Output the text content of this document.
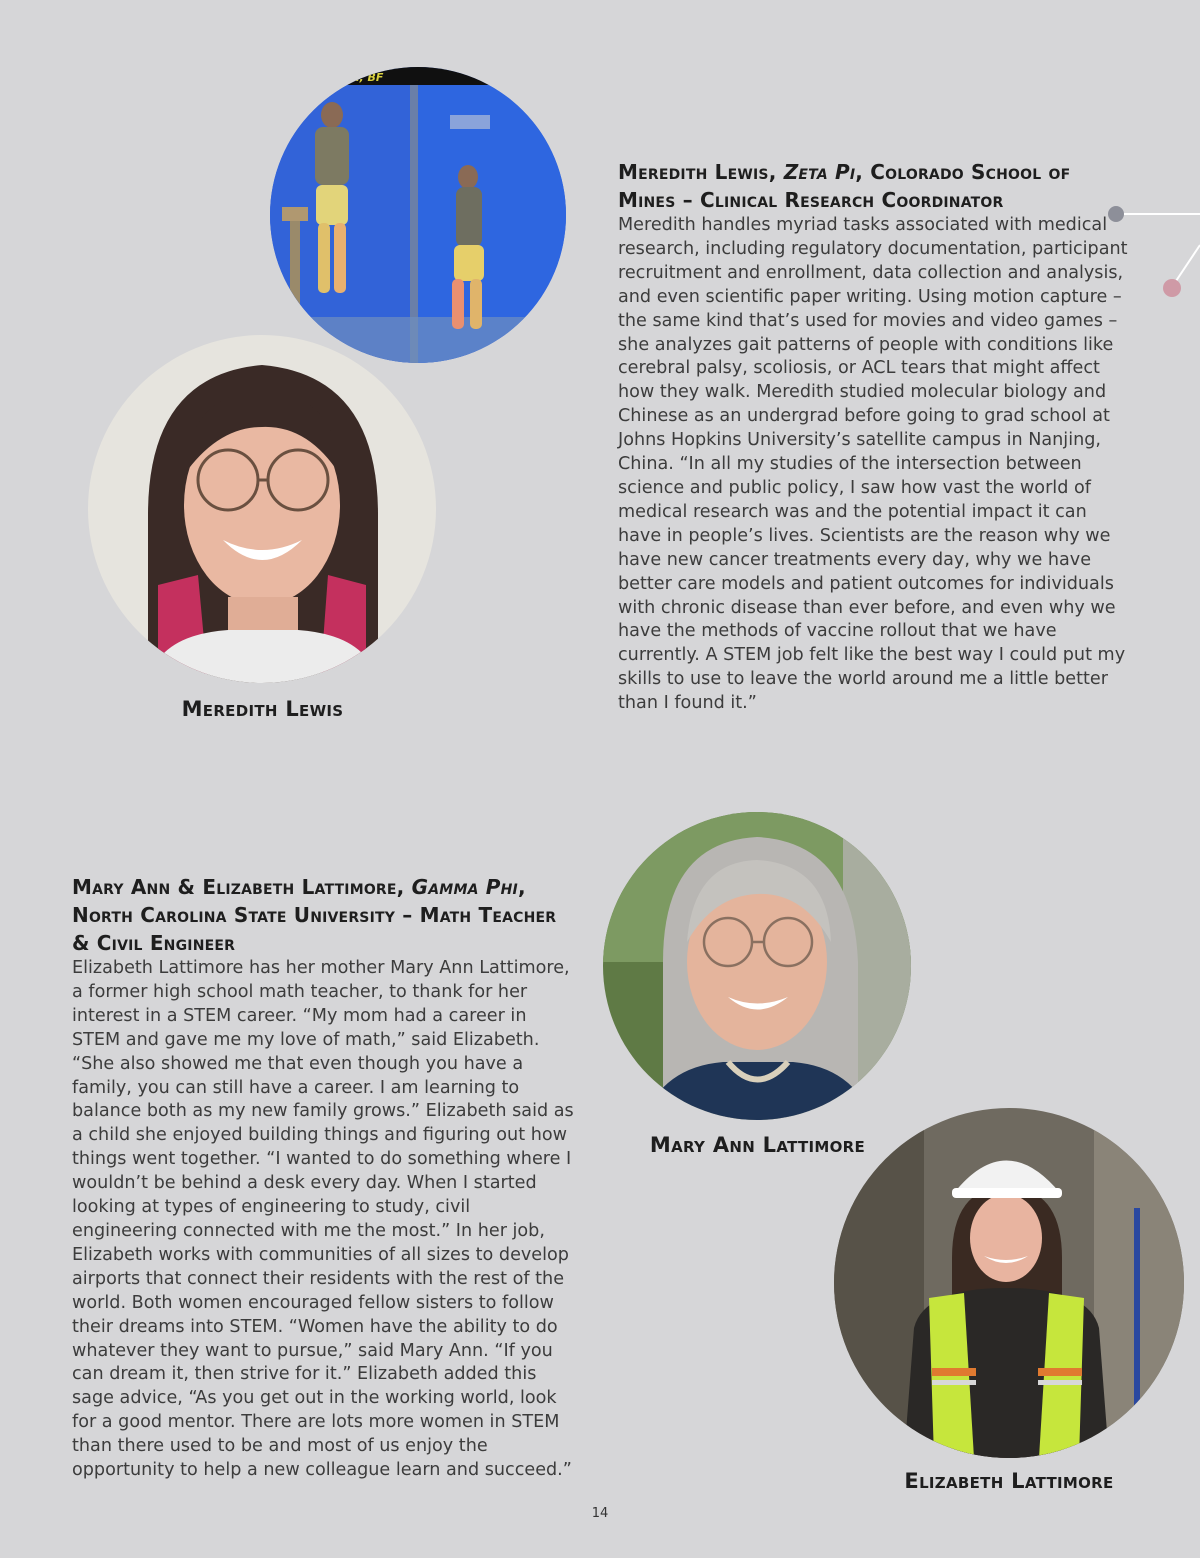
m, BF
Meredith Lewis
Meredith Lewis, Zeta Pi, Colorado School of Mines – Clinical Research Coordinator
Meredith handles myriad tasks associated with medical research, including regulatory documentation, participant recruitment and enrollment, data collection and analysis, and even scientific paper writing. Using motion capture – the same kind that’s used for movies and video games – she analyzes gait patterns of people with conditions like cerebral palsy, scoliosis, or ACL tears that might affect how they walk. Meredith studied molecular biology and Chinese as an undergrad before going to grad school at Johns Hopkins University’s satellite campus in Nanjing, China. “In all my studies of the intersection between science and public policy, I saw how vast the world of medical research was and the potential impact it can have in people’s lives. Scientists are the reason why we have new cancer treatments every day, why we have better care models and patient outcomes for individuals with chronic disease than ever before, and even why we have the methods of vaccine rollout that we have currently. A STEM job felt like the best way I could put my skills to use to leave the world around me a little better than I found it.”
Mary Ann & Elizabeth Lattimore, Gamma Phi, North Carolina State University – Math Teacher & Civil Engineer
Elizabeth Lattimore has her mother Mary Ann Lattimore, a former high school math teacher, to thank for her interest in a STEM career. “My mom had a career in STEM and gave me my love of math,” said Elizabeth. “She also showed me that even though you have a family, you can still have a career. I am learning to balance both as my new family grows.” Elizabeth said as a child she enjoyed building things and figuring out how things went together. “I wanted to do something where I wouldn’t be behind a desk every day. When I started looking at types of engineering to study, civil engineering connected with me the most.” In her job, Elizabeth works with communities of all sizes to develop airports that connect their residents with the rest of the world. Both women encouraged fellow sisters to follow their dreams into STEM. “Women have the ability to do whatever they want to pursue,” said Mary Ann. “If you can dream it, then strive for it.” Elizabeth added this sage advice, “As you get out in the working world, look for a good mentor. There are lots more women in STEM than there used to be and most of us enjoy the opportunity to help a new colleague learn and succeed.”
Mary Ann Lattimore
Elizabeth Lattimore
14
